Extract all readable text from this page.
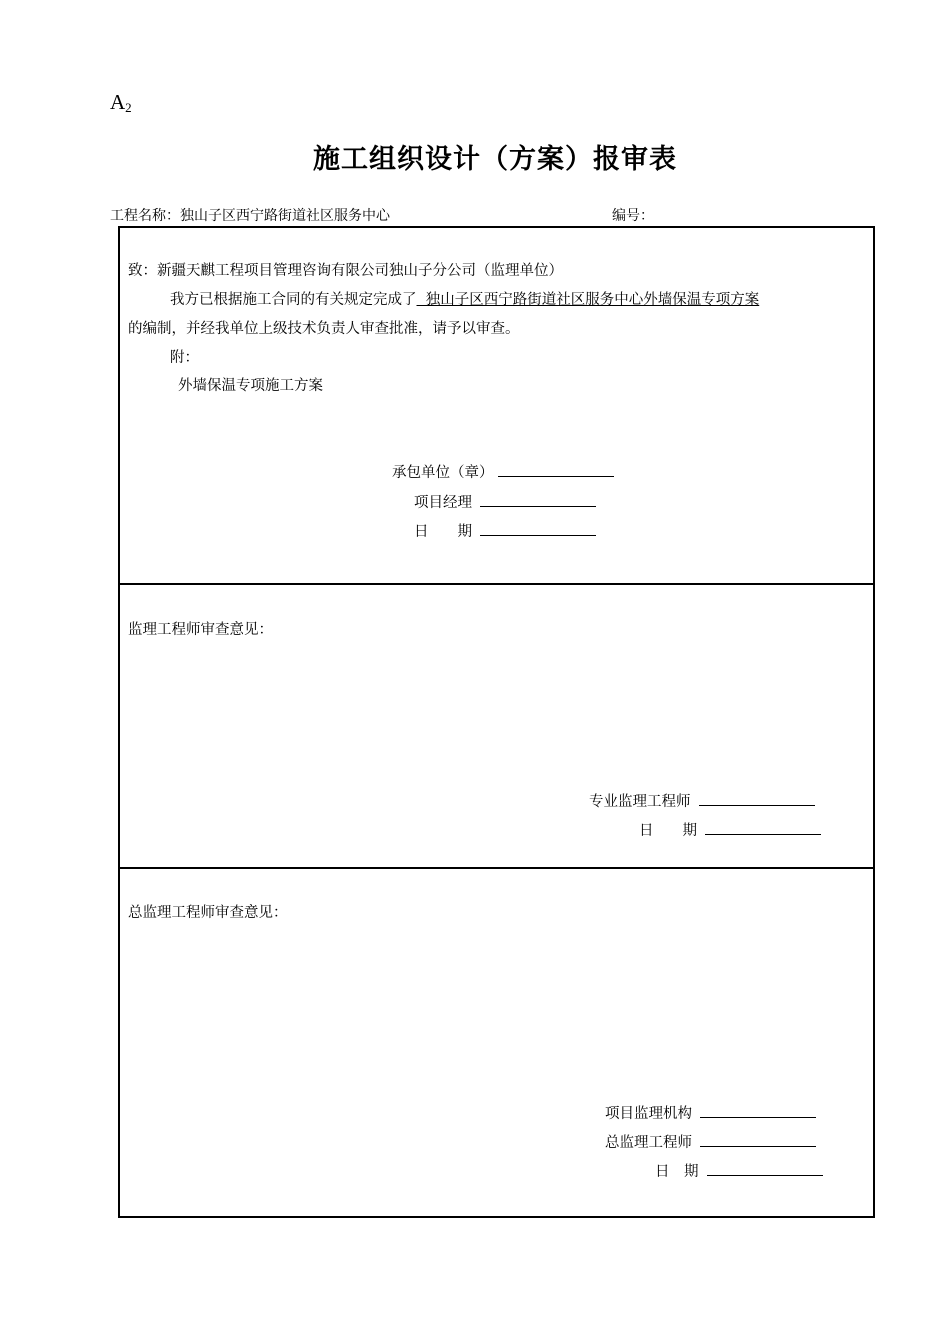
$A_2$
施工组织设计（方案）报审表
工程名称：独山子区西宁路街道社区服务中心	编号：
致：新疆天麒工程项目管理咨询有限公司独山子分公司（监理单位）
我方已根据施工合同的有关规定完成了  独山子区西宁路街道社区服务中心外墙保温专项方案
的编制，并经我单位上级技术负责人审查批准，请予以审查。
附：
外墙保温专项施工方案
承包单位（章）
项目经理
日　　期
监理工程师审查意见：
专业监理工程师
日　　期
总监理工程师审查意见：
项目监理机构
总监理工程师
日　期
